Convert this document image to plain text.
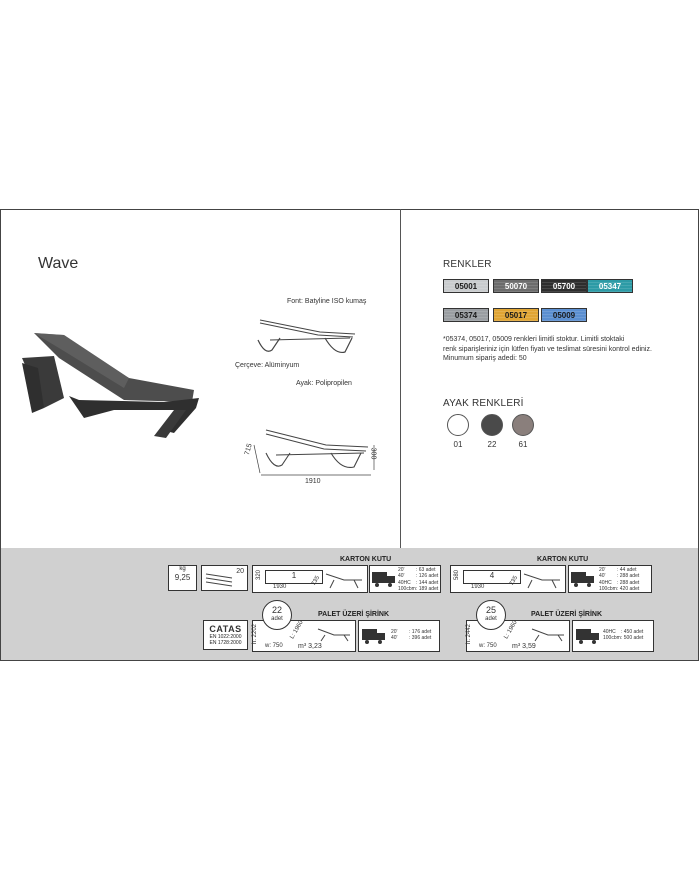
Wave
Font: Batyline ISO kumaş
Çerçeve: Alüminyum
Ayak: Polipropilen
1910
715	300
RENKLER
05001	50070	05700	05347
05374	05017	05009
*05374, 05017, 05009 renkleri limitli stoktur. Limitli stoktaki
renk siparişleriniz için lütfen fiyatı ve teslimat süresini kontrol ediniz.
Minumum sipariş adedi: 50
AYAK RENKLERİ
01	22	61
kg
9,25
20
KARTON KUTU	KARTON KUTU
320	1
1930
735
20'	: 63 adet
40'	: 126 adet
40HC	: 144 adet
100cbm : 189 adet
580	4
1930
735
20'	: 44 adet
40'	: 288 adet
40HC	: 288 adet
100cbm : 420 adet
PALET ÜZERİ ŞİRİNK	PALET ÜZERİ ŞİRİNK
CATAS
EN 1022:2000
EN 1728:2000	h: 2202	L: 1960
w: 750 m³ 3,23
22
adet
20'	: 176 adet
40'	: 396 adet	h: 2442	L: 1960
w: 750 m³ 3,59
25
adet
40HC	: 450 adet
100cbm : 500 adet
